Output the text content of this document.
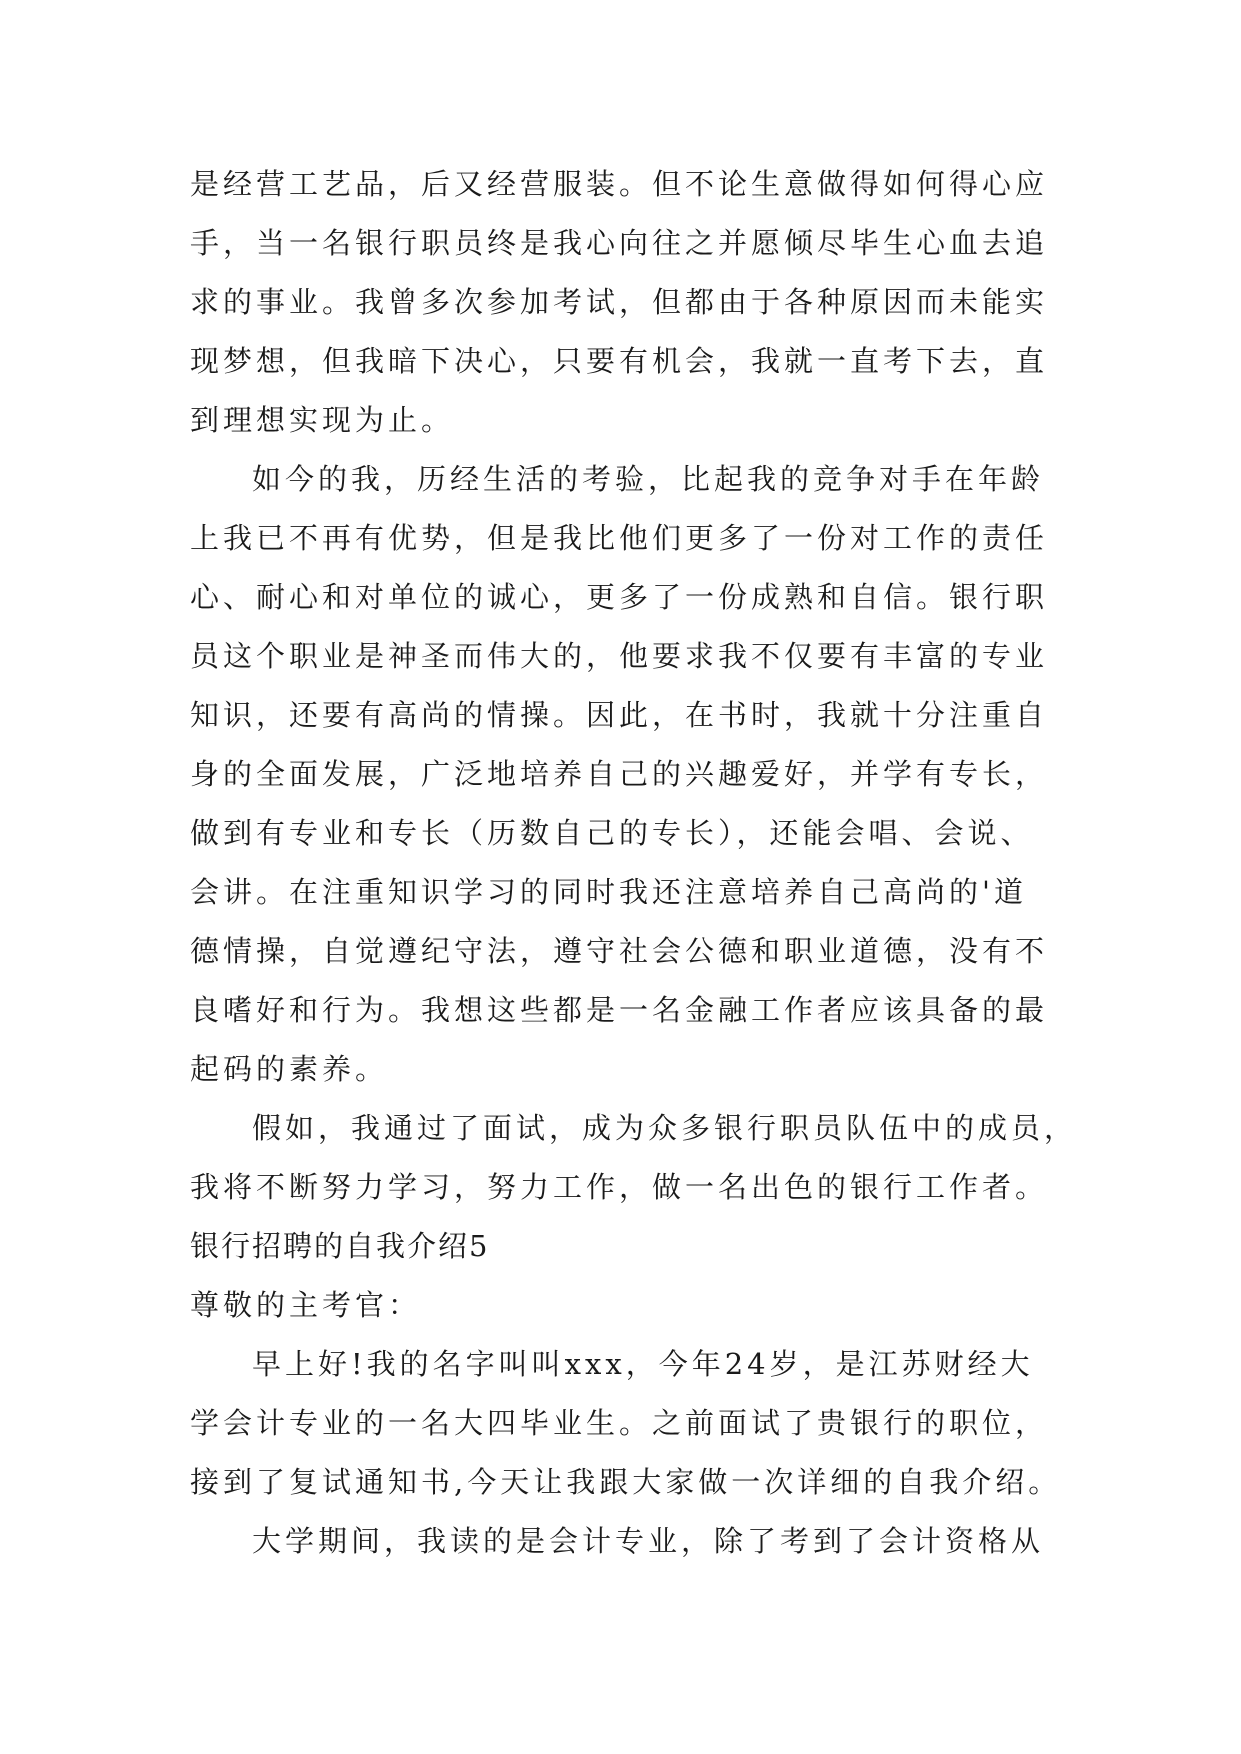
是经营工艺品，后又经营服装。但不论生意做得如何得心应
手，当一名银行职员终是我心向往之并愿倾尽毕生心血去追
求的事业。我曾多次参加考试，但都由于各种原因而未能实
现梦想，但我暗下决心，只要有机会，我就一直考下去，直
到理想实现为止。
如今的我，历经生活的考验，比起我的竞争对手在年龄
上我已不再有优势，但是我比他们更多了一份对工作的责任
心、耐心和对单位的诚心，更多了一份成熟和自信。银行职
员这个职业是神圣而伟大的，他要求我不仅要有丰富的专业
知识，还要有高尚的情操。因此，在书时，我就十分注重自
身的全面发展，广泛地培养自己的兴趣爱好，并学有专长，
做到有专业和专长（历数自己的专长），还能会唱、会说、
会讲。在注重知识学习的同时我还注意培养自己高尚的'道
德情操，自觉遵纪守法，遵守社会公德和职业道德，没有不
良嗜好和行为。我想这些都是一名金融工作者应该具备的最
起码的素养。
假如，我通过了面试，成为众多银行职员队伍中的成员，
我将不断努力学习，努力工作，做一名出色的银行工作者。
银行招聘的自我介绍5
尊敬的主考官：
早上好!我的名字叫叫xxx，今年24岁，是江苏财经大
学会计专业的一名大四毕业生。之前面试了贵银行的职位，
接到了复试通知书,今天让我跟大家做一次详细的自我介绍。
大学期间，我读的是会计专业，除了考到了会计资格从
